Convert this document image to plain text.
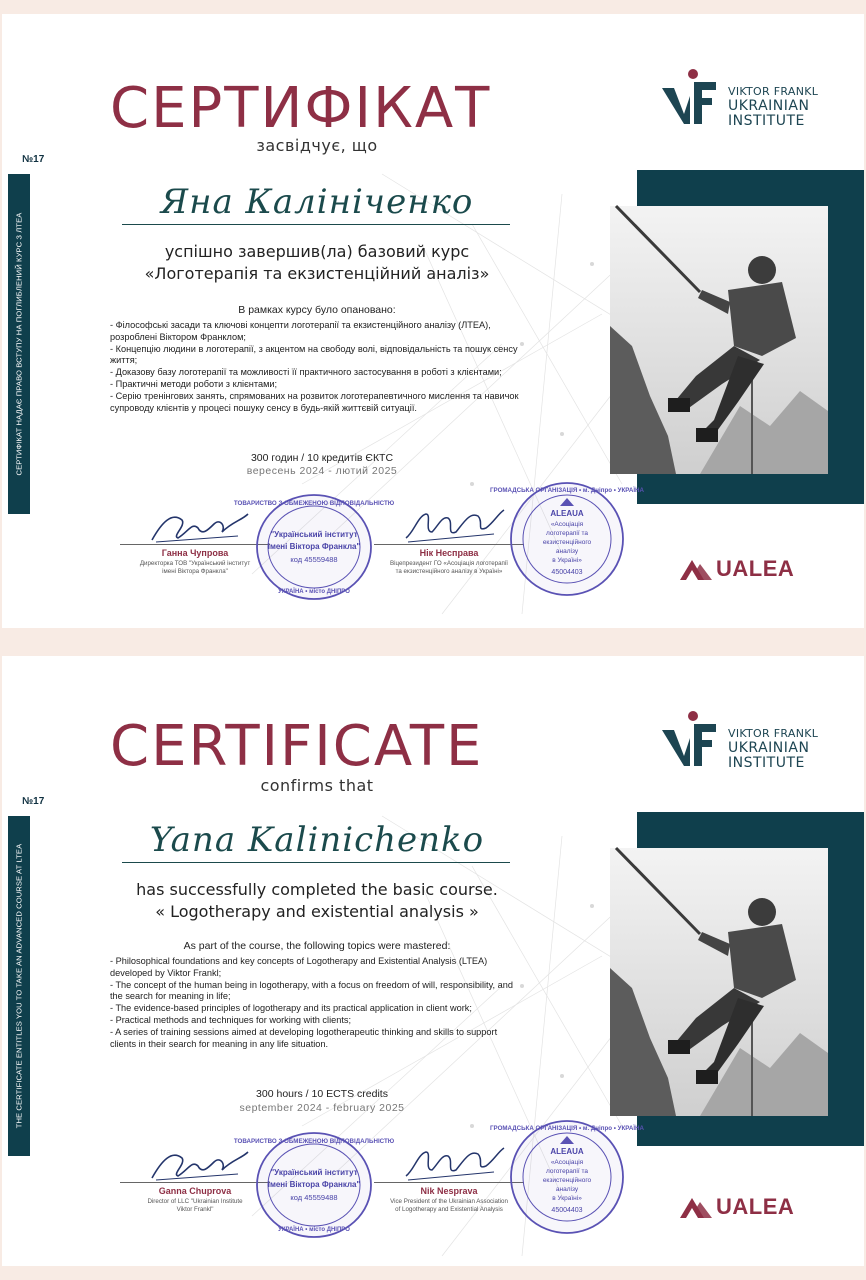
СЕРТИФІКАТ
засвідчує, що
VIKTOR FRANKL
UKRAINIAN
INSTITUTE
№17
СЕРТИФІКАТ НАДАЄ ПРАВО ВСТУПУ НА ПОГЛИБЛЕНИЙ КУРС З ЛТЕА
Яна Калініченко
успішно завершив(ла) базовий курс
«Логотерапія та екзистенційний аналіз»
В рамках курсу було опановано:
- Філософські засади та ключові концепти логотерапії та екзистенційного аналізу (ЛТЕА), розроблені Віктором Франклом;
- Концепцію людини в логотерапії, з акцентом на свободу волі, відповідальність та пошук сенсу життя;
- Доказову базу логотерапії та можливості її практичного застосування в роботі з клієнтами;
- Практичні методи роботи з клієнтами;
- Серію тренінгових занять, спрямованих на розвиток логотерапевтичного мислення та навичок супроводу клієнтів у процесі пошуку сенсу в будь-якій життєвій ситуації.
300 годин / 10 кредитів ЄКТС
вересень 2024 - лютий 2025
Ганна Чупрова
Директорка ТОВ "Український інститут
імені Віктора Франкла"
ТОВАРИСТВО З ОБМЕЖЕНОЮ ВІДПОВІДАЛЬНІСТЮ
"Український інститут
імені Віктора Франкла"
код 45559488
УКРАЇНА • місто ДНІПРО
Нік Несправа
Віцепрезидент ГО «Асоціація логотерапії
та екзистенційного аналізу в Україні»
ГРОМАДСЬКА ОРГАНІЗАЦІЯ • м. Дніпро • УКРАЇНА
ALEAUA
«Асоціація
логотерапії та
екзистенційного
аналізу
в Україні»
45004403	UALEA
CERTIFICATE
confirms that
VIKTOR FRANKL
UKRAINIAN
INSTITUTE
№17
THE CERTIFICATE ENTITLES YOU TO TAKE AN ADVANCED COURSE AT LTEA
Yana Kalinichenko
has successfully completed the basic course.
« Logotherapy and existential analysis »
As part of the course, the following topics were mastered:
- Philosophical foundations and key concepts of Logotherapy and Existential Analysis (LTEA) developed by Viktor Frankl;
- The concept of the human being in logotherapy, with a focus on freedom of will, responsibility, and the search for meaning in life;
- The evidence-based principles of logotherapy and its practical application in client work;
- Practical methods and techniques for working with clients;
- A series of training sessions aimed at developing logotherapeutic thinking and skills to support clients in their search for meaning in any life situation.
300 hours / 10 ECTS credits
september 2024 - february 2025
Ganna Chuprova
Director of LLC "Ukrainian Institute
Viktor Frankl"
ТОВАРИСТВО З ОБМЕЖЕНОЮ ВІДПОВІДАЛЬНІСТЮ
"Український інститут
імені Віктора Франкла"
код 45559488
УКРАЇНА • місто ДНІПРО
Nik Nesprava
Vice President of the Ukrainian Association
of Logotherapy and Existential Analysis
ГРОМАДСЬКА ОРГАНІЗАЦІЯ • м. Дніпро • УКРАЇНА
ALEAUA
«Асоціація
логотерапії та
екзистенційного
аналізу
в Україні»
45004403	UALEA
